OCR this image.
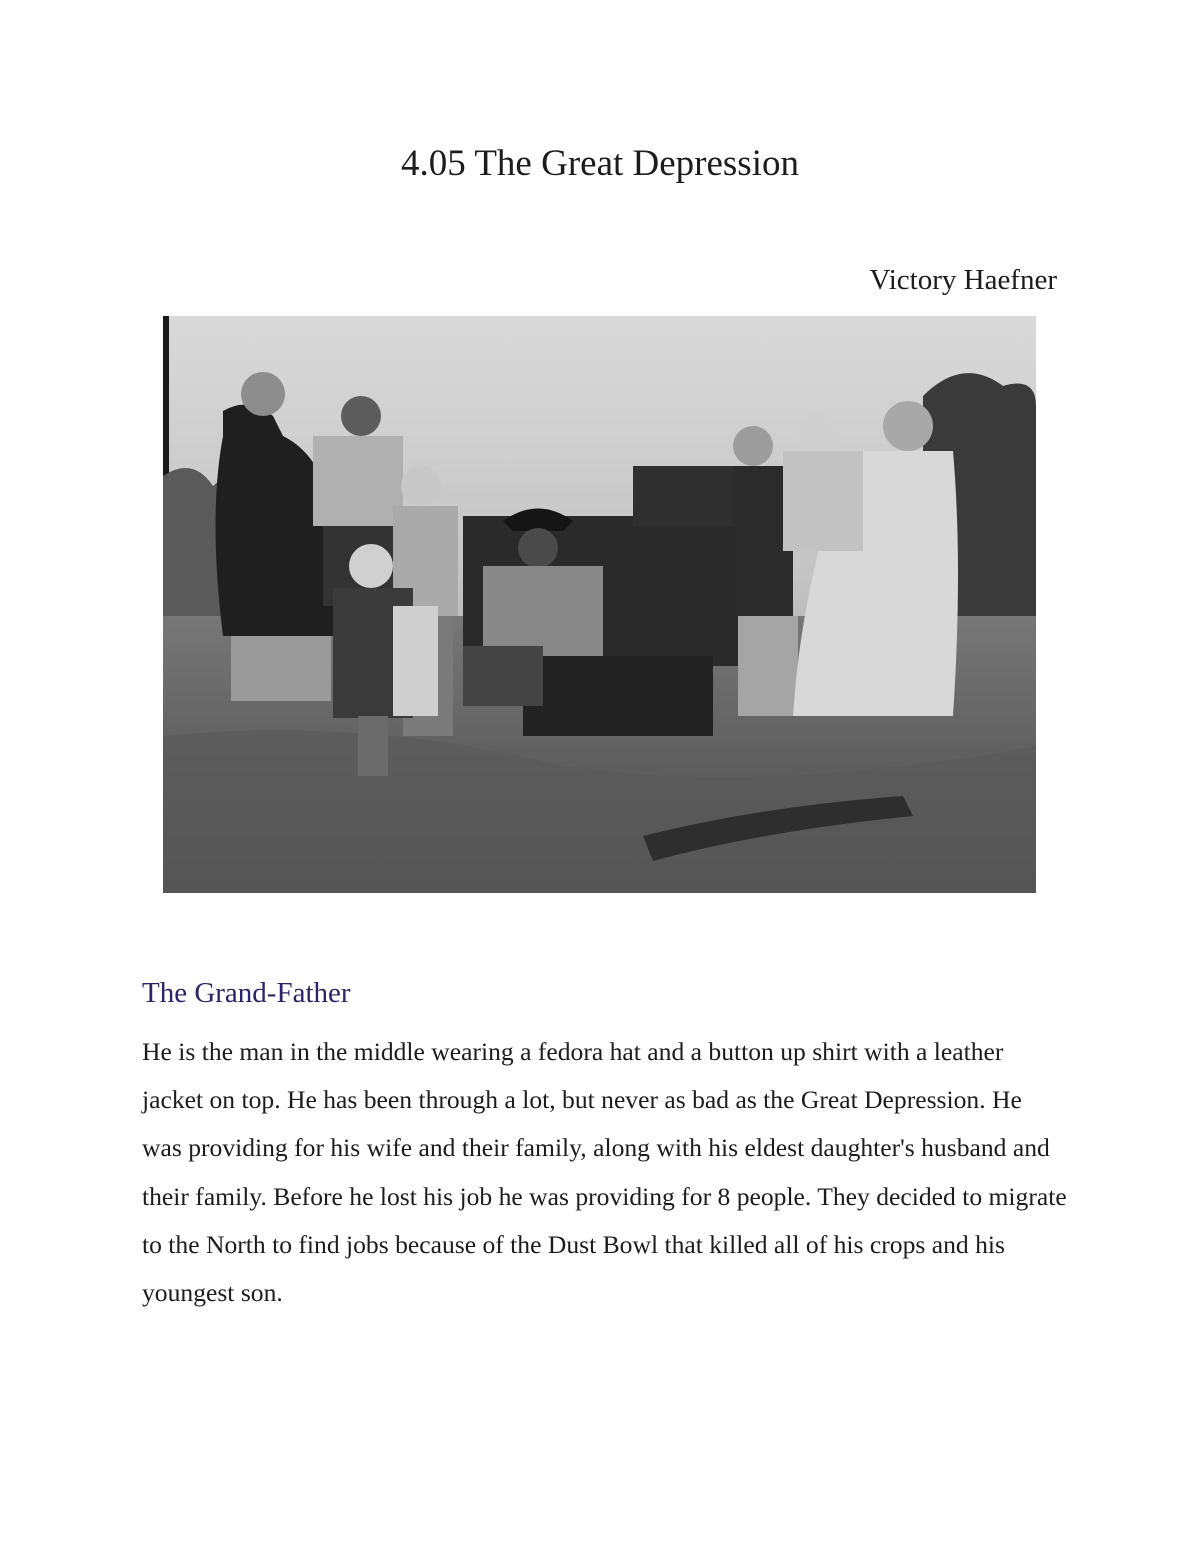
4.05 The Great Depression
Victory Haefner
The Grand-Father

He is the man in the middle wearing a fedora hat and a button up shirt with a leather jacket on top. He has been through a lot, but never as bad as the Great Depression. He was providing for his wife and their family, along with his eldest daughter's husband and their family. Before he lost his job he was providing for 8 people. They decided to migrate to the North to find jobs because of the Dust Bowl that killed all of his crops and his youngest son.
